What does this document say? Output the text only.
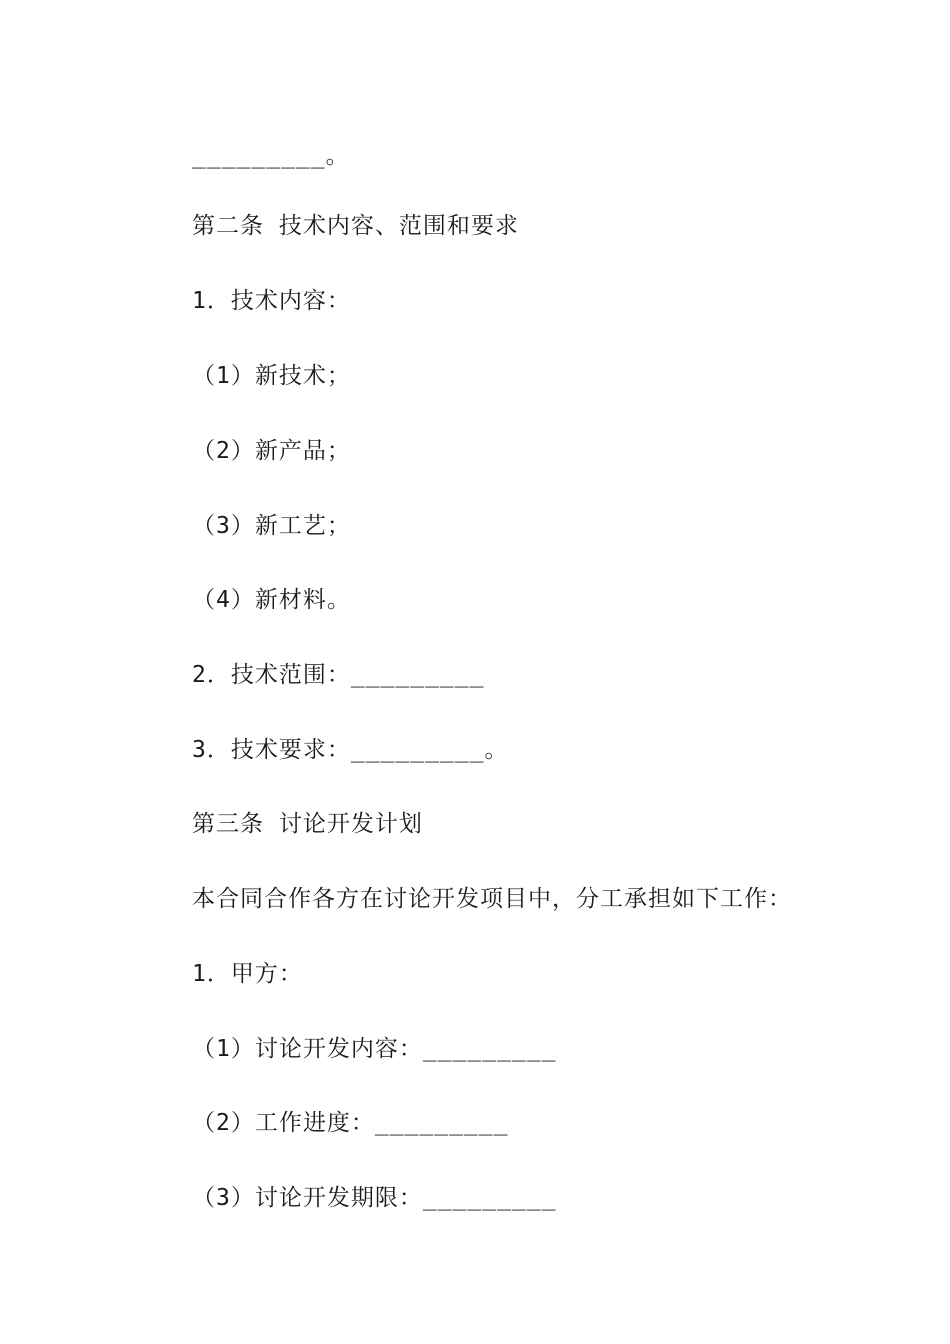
_________。
第二条 技术内容、范围和要求
1．技术内容：
（1）新技术；
（2）新产品；
（3）新工艺；
（4）新材料。
2．技术范围：_________
3．技术要求：_________。
第三条 讨论开发计划
本合同合作各方在讨论开发项目中，分工承担如下工作：
1．甲方：
（1）讨论开发内容：_________
（2）工作进度：_________
（3）讨论开发期限：_________
